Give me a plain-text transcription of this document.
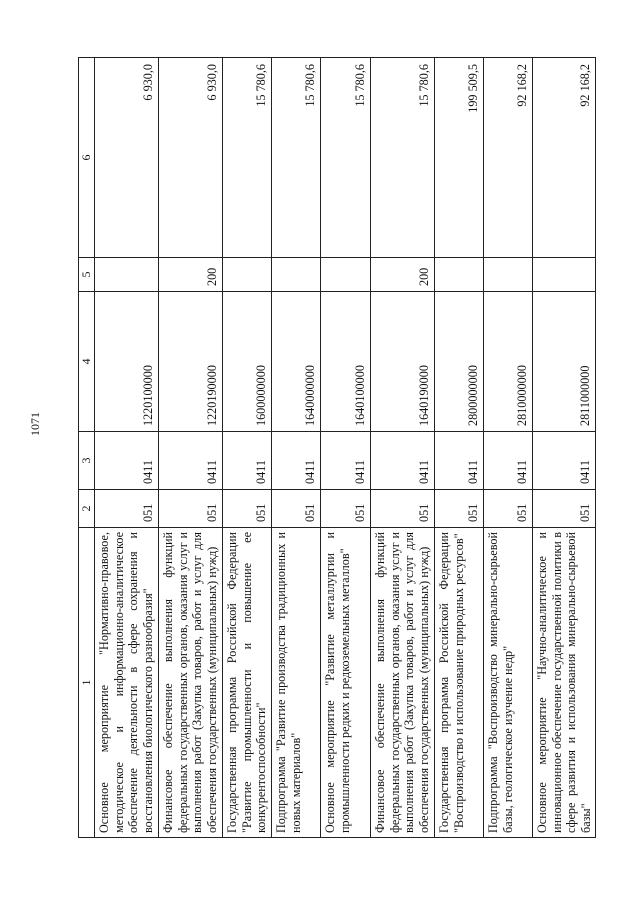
1071
1	2	3	4	5	6
Основное мероприятие "Нормативно-правовое, методическое и информационно-аналитическое обеспечение деятельности в сфере сохранения и восстановления биологического разнообразия"	051	0411	1220100000		6 930,0
Финансовое обеспечение выполнения функций федеральных государственных органов, оказания услуг и выполнения работ (Закупка товаров, работ и услуг для обеспечения государственных (муниципальных) нужд)	051	0411	1220190000	200	6 930,0
Государственная программа Российской Федерации "Развитие промышленности и повышение ее конкурентоспособности"	051	0411	1600000000		15 780,6
Подпрограмма "Развитие производства традиционных и новых материалов"	051	0411	1640000000		15 780,6
Основное мероприятие "Развитие металлургии и промышленности редких и редкоземельных металлов"	051	0411	1640100000		15 780,6
Финансовое обеспечение выполнения функций федеральных государственных органов, оказания услуг и выполнения работ (Закупка товаров, работ и услуг для обеспечения государственных (муниципальных) нужд)	051	0411	1640190000	200	15 780,6
Государственная программа Российской Федерации "Воспроизводство и использование природных ресурсов"	051	0411	2800000000		199 509,5
Подпрограмма "Воспроизводство минерально-сырьевой базы, геологическое изучение недр"	051	0411	2810000000		92 168,2
Основное мероприятие "Научно-аналитическое и инновационное обеспечение государственной политики в сфере развития и использования минерально-сырьевой базы"	051	0411	2811000000		92 168,2
